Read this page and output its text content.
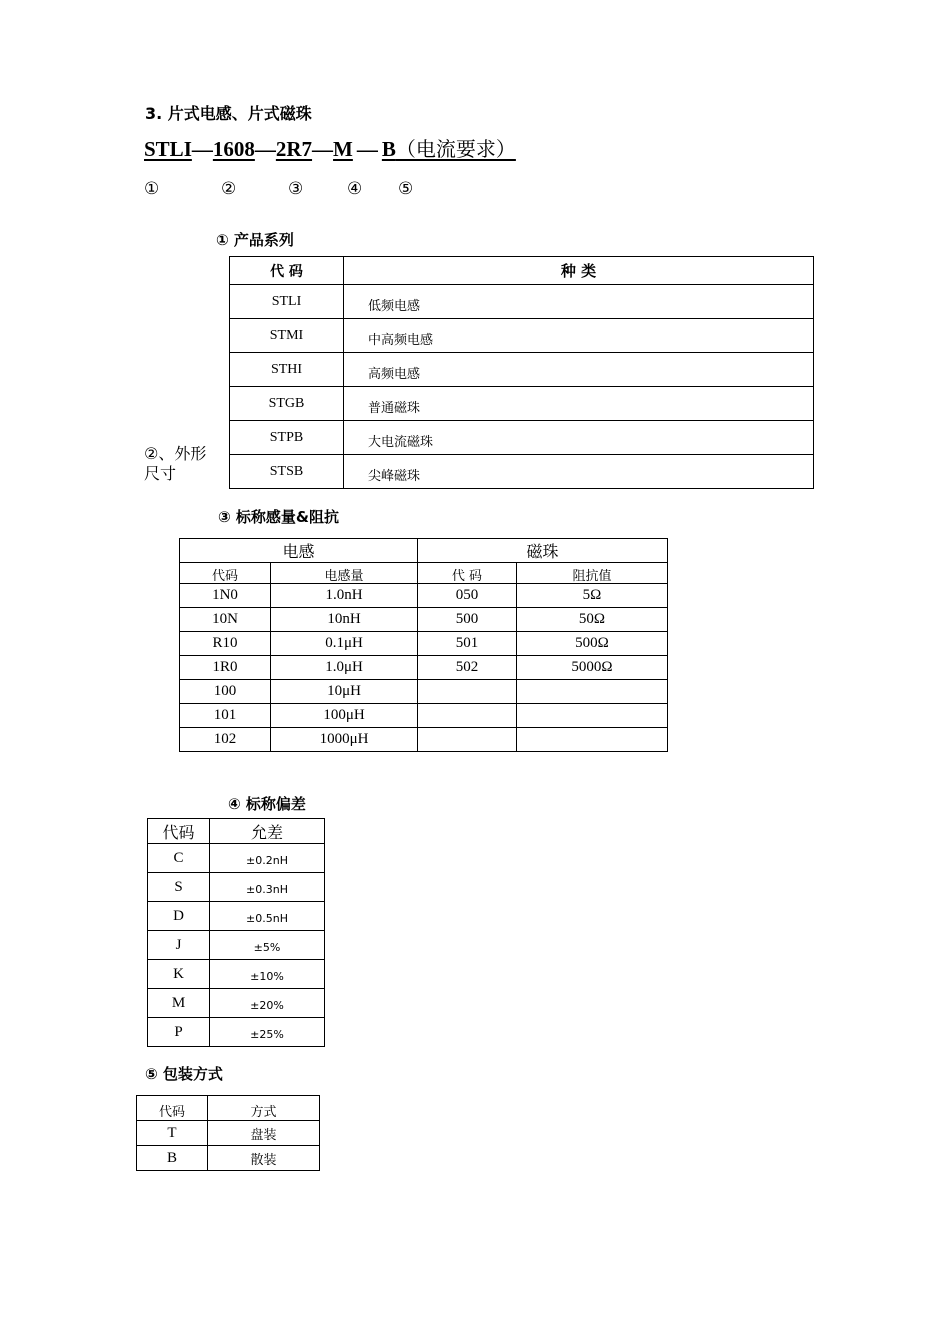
3. 片式电感、片式磁珠
STLI—1608—2R7—M — B（电流要求）
①	②	③	④ ⑤
① 产品系列
代 码	种 类
STLI	低频电感
STMI	中高频电感
STHI	高频电感
STGB	普通磁珠
STPB	大电流磁珠
STSB	尖峰磁珠
②、外形
尺寸
③ 标称感量&阻抗
电感		磁珠	
代码	电感量	代 码	阻抗值
1N0	1.0nH	050	5Ω
10N	10nH	500	50Ω
R10	0.1μH	501	500Ω
1R0	1.0μH	502	5000Ω
100	10μH		
101	100μH		
102	1000μH		
④ 标称偏差
代码	允差
C	±0.2nH
S	±0.3nH
D	±0.5nH
J	±5%
K	±10%
M	±20%
P	±25%
⑤ 包装方式
代码	方式
T	盘装
B	散装
